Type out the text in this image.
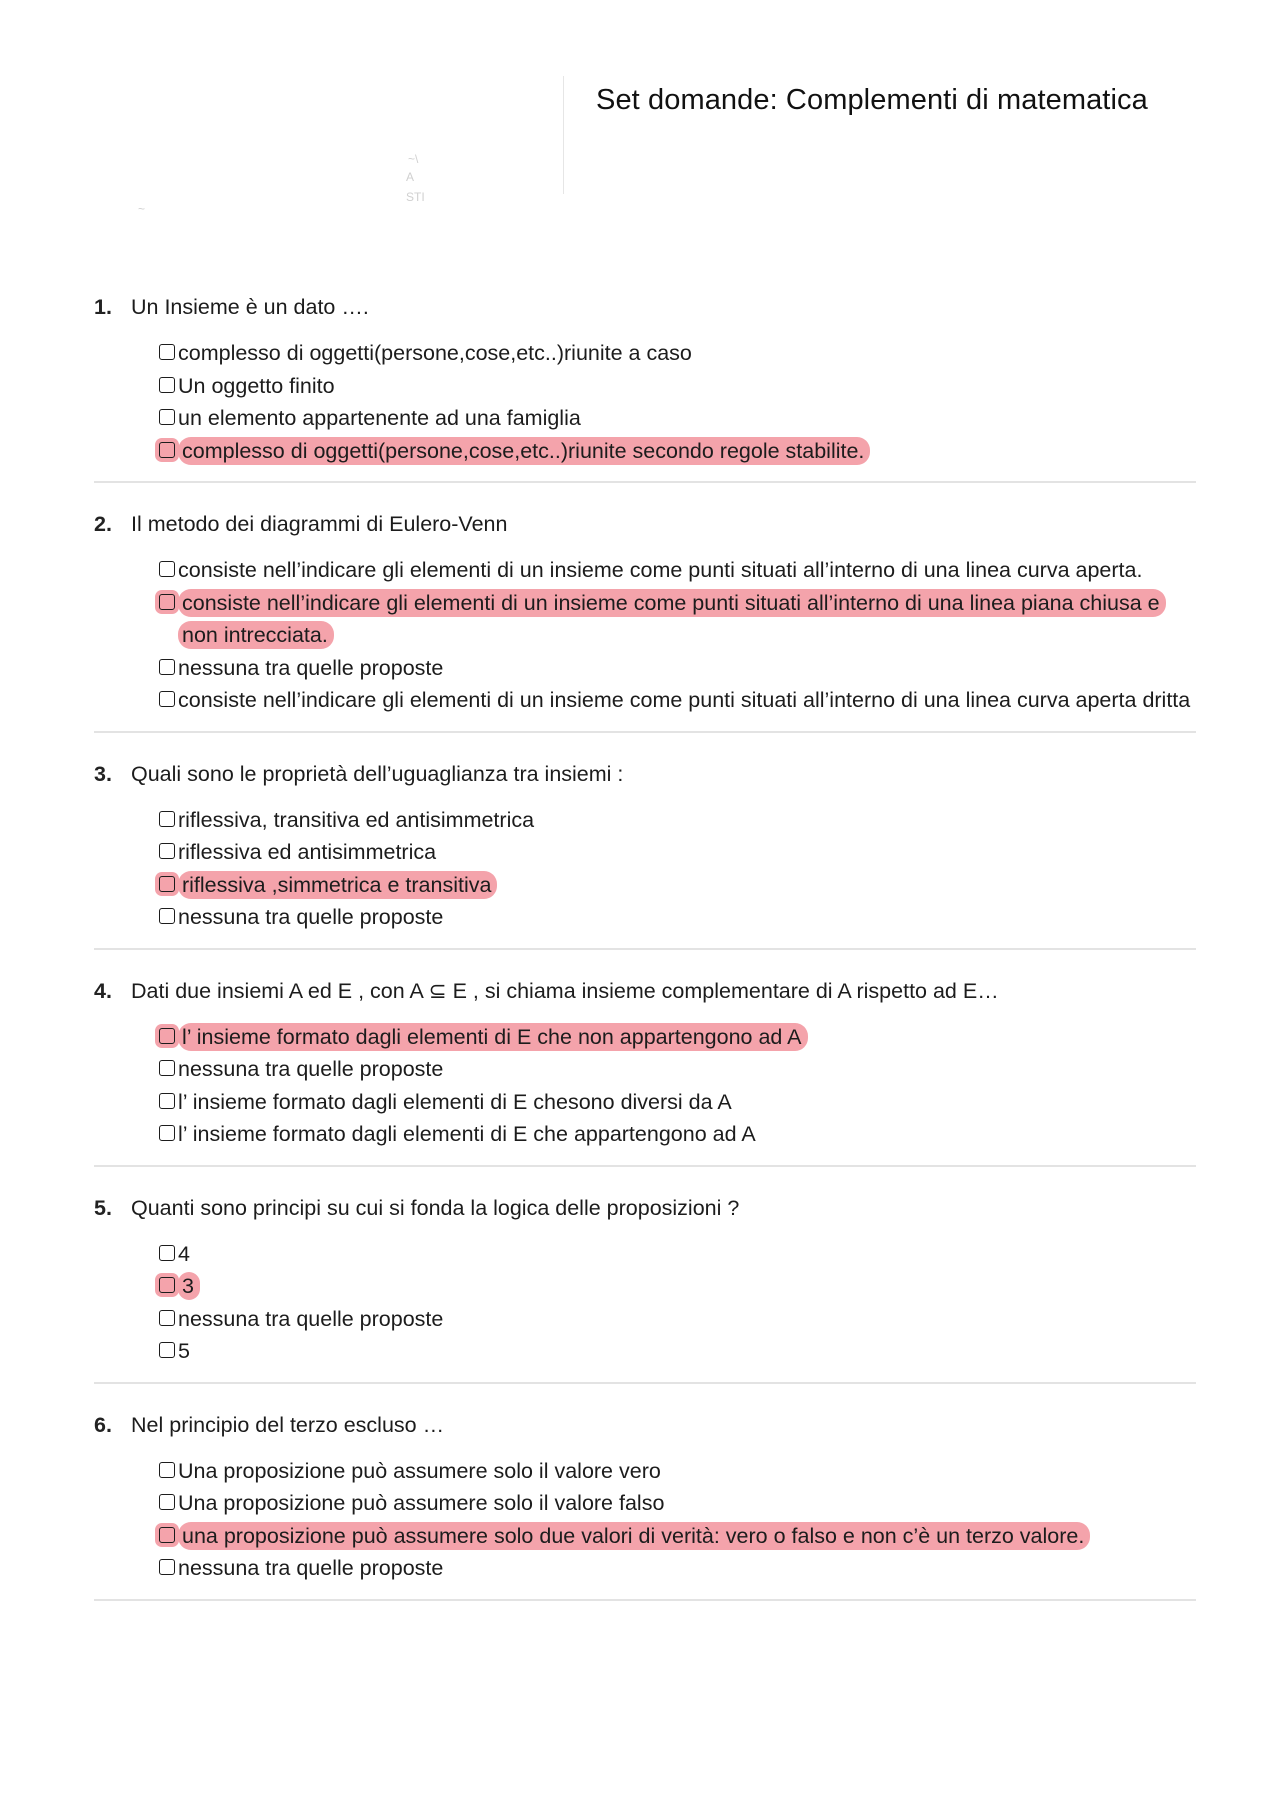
~\
A
STI
~
Set domande: Complementi di matematica
1. Un Insieme è un dato ….
complesso di oggetti(persone,cose,etc..)riunite a caso
Un oggetto finito
un elemento appartenente ad una famiglia
complesso di oggetti(persone,cose,etc..)riunite secondo regole stabilite.
2. Il metodo dei diagrammi di Eulero-Venn
consiste nell’indicare gli elementi di un insieme come punti situati all’interno di una linea curva aperta.
consiste nell’indicare gli elementi di un insieme come punti situati all’interno di una linea piana chiusa e non intrecciata.
nessuna tra quelle proposte
consiste nell’indicare gli elementi di un insieme come punti situati all’interno di una linea curva aperta dritta
3. Quali sono le proprietà dell’uguaglianza tra insiemi :
riflessiva, transitiva ed antisimmetrica
riflessiva ed antisimmetrica
riflessiva ,simmetrica e transitiva
nessuna tra quelle proposte
4. Dati due insiemi A ed E , con A ⊆ E , si chiama insieme complementare di A rispetto ad E…
l’ insieme formato dagli elementi di E che non appartengono ad A
nessuna tra quelle proposte
l’ insieme formato dagli elementi di E chesono diversi da A
l’ insieme formato dagli elementi di E che appartengono ad A
5. Quanti sono principi su cui si fonda la logica delle proposizioni ?
4
3
nessuna tra quelle proposte
5
6. Nel principio del terzo escluso …
Una proposizione può assumere solo il valore vero
Una proposizione può assumere solo il valore falso
una proposizione può assumere solo due valori di verità: vero o falso e non c’è un terzo valore.
nessuna tra quelle proposte
